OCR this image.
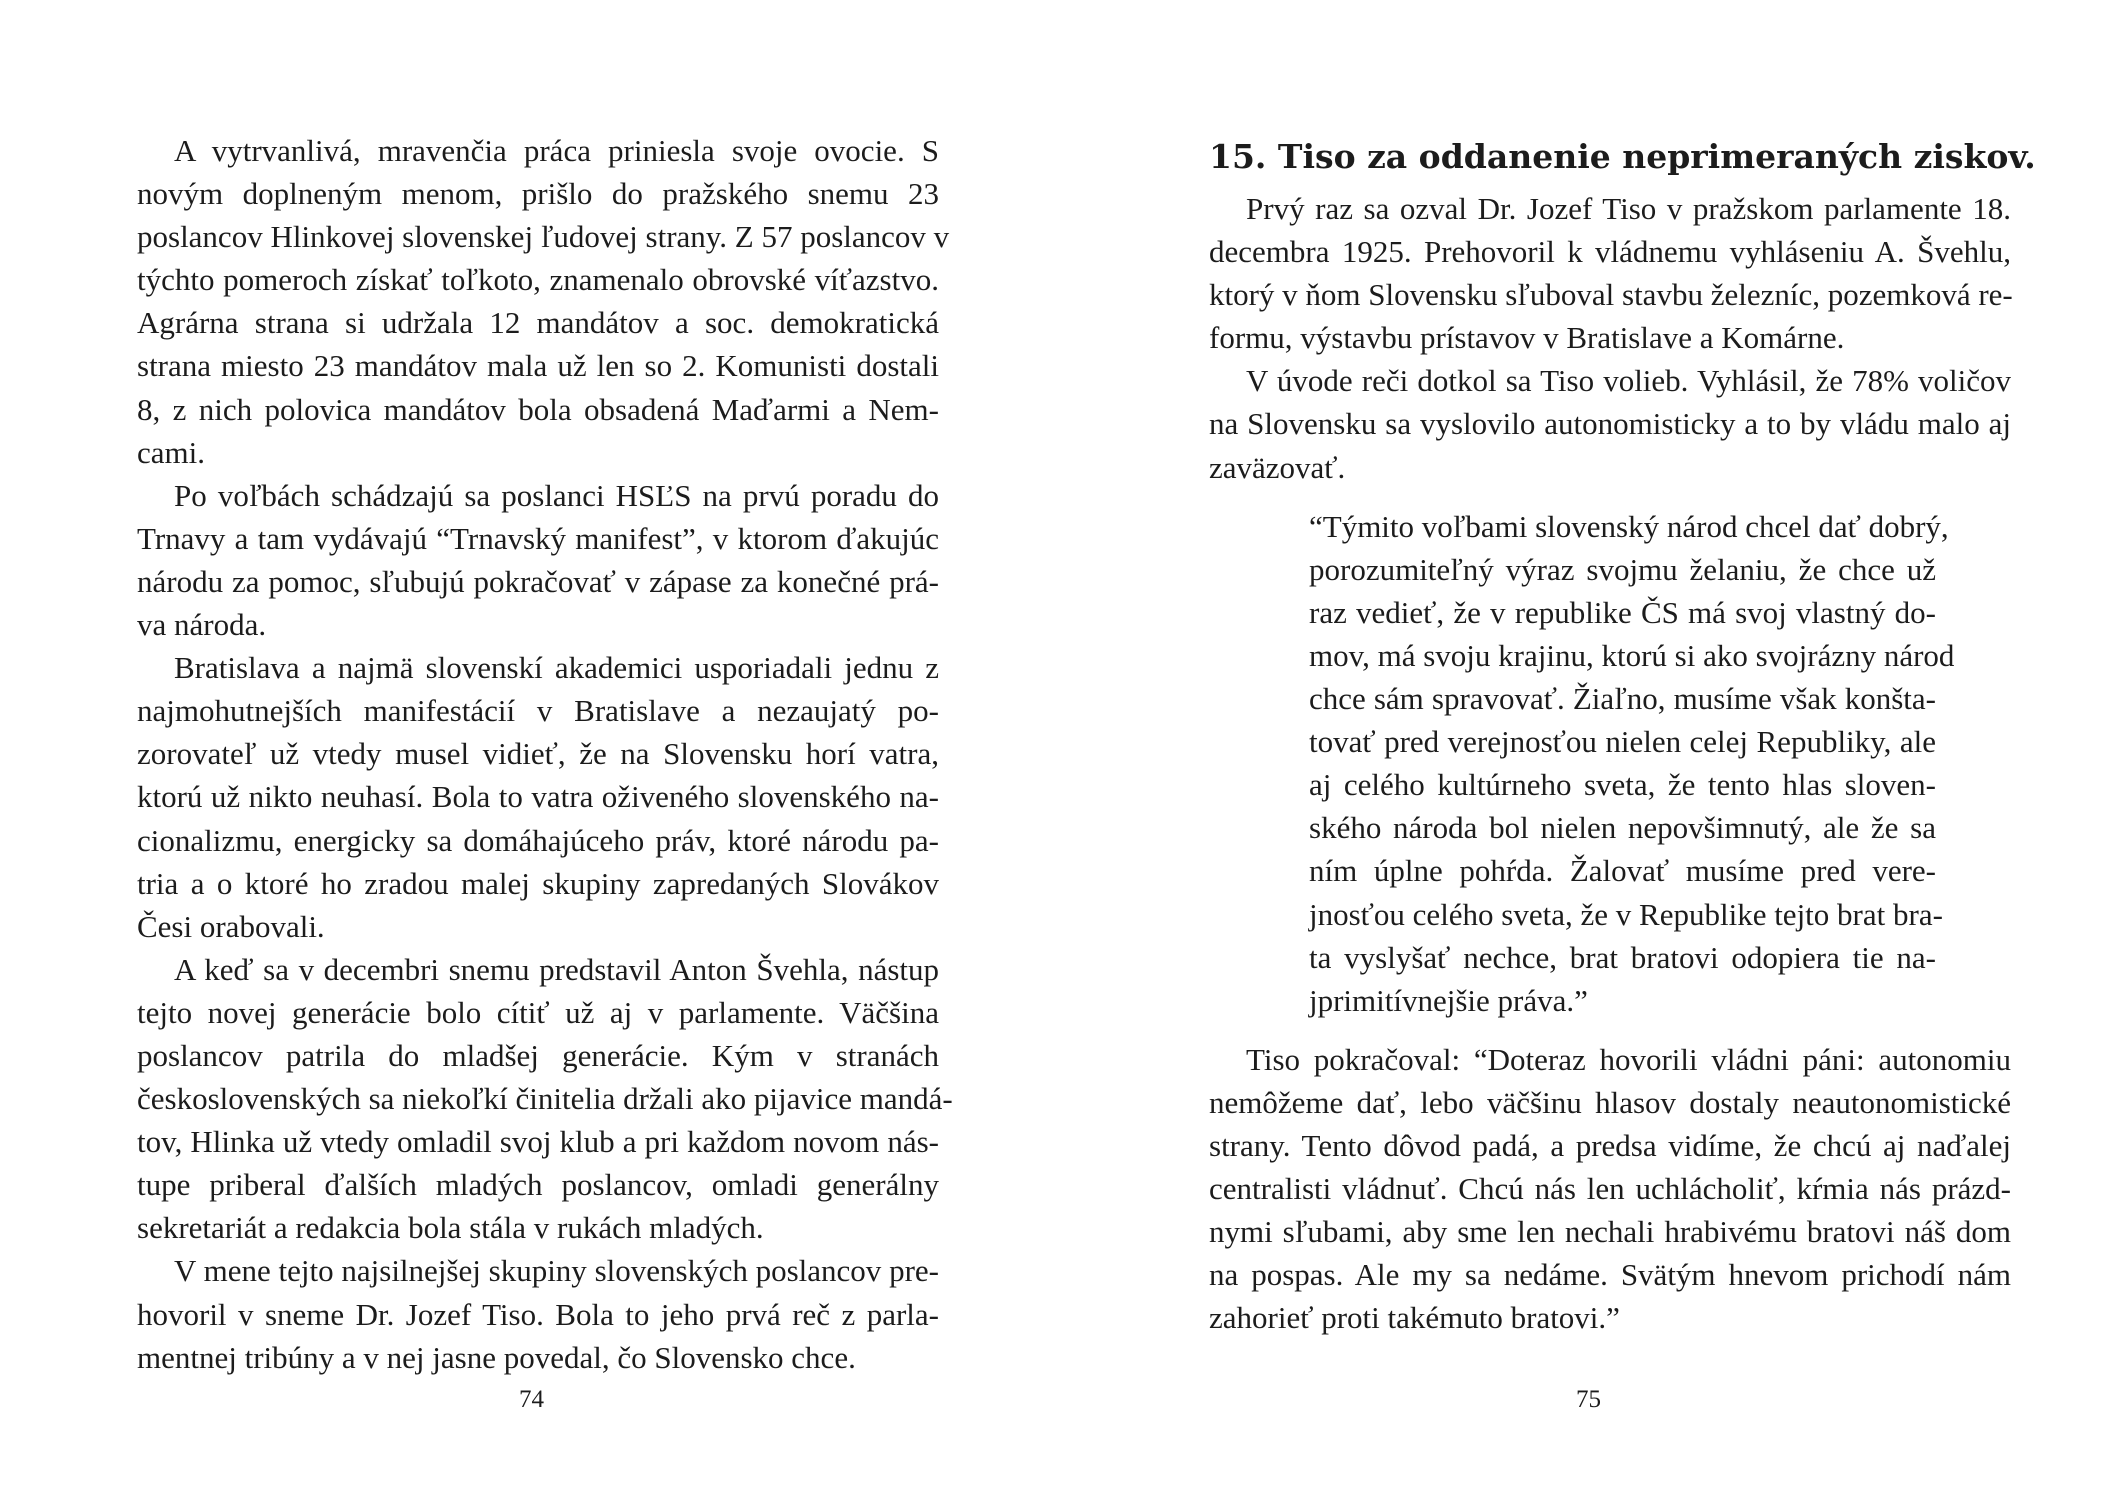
A vytrvanlivá, mravenčia práca priniesla svoje ovocie. S
novým doplneným menom, prišlo do pražského snemu 23
poslancov Hlinkovej slovenskej ľudovej strany. Z 57 poslancov v
týchto pomeroch získať toľkoto, znamenalo obrovské víťazstvo.
Agrárna strana si udržala 12 mandátov a soc. demokratická
strana miesto 23 mandátov mala už len so 2. Komunisti dostali
8, z nich polovica mandátov bola obsadená Maďarmi a Nem-
cami.

Po voľbách schádzajú sa poslanci HSĽS na prvú poradu do
Trnavy a tam vydávajú “Trnavský manifest”, v ktorom ďakujúc
národu za pomoc, sľubujú pokračovať v zápase za konečné prá-
va národa.

Bratislava a najmä slovenskí akademici usporiadali jednu z
najmohutnejších manifestácií v Bratislave a nezaujatý po-
zorovateľ už vtedy musel vidieť, že na Slovensku horí vatra,
ktorú už nikto neuhasí. Bola to vatra oživeného slovenského na-
cionalizmu, energicky sa domáhajúceho práv, ktoré národu pa-
tria a o ktoré ho zradou malej skupiny zapredaných Slovákov
Česi orabovali.

A keď sa v decembri snemu predstavil Anton Švehla, nástup
tejto novej generácie bolo cítiť už aj v parlamente. Väčšina
poslancov patrila do mladšej generácie. Kým v stranách
československých sa niekoľkí činitelia držali ako pijavice mandá-
tov, Hlinka už vtedy omladil svoj klub a pri každom novom nás-
tupe priberal ďalších mladých poslancov, omladi generálny
sekretariát a redakcia bola stála v rukách mladých.

V mene tejto najsilnejšej skupiny slovenských poslancov pre-
hovoril v sneme Dr. Jozef Tiso. Bola to jeho prvá reč z parla-
mentnej tribúny a v nej jasne povedal, čo Slovensko chce.

74
15. Tiso za oddanenie neprimeraných ziskov.

Prvý raz sa ozval Dr. Jozef Tiso v pražskom parlamente 18.
decembra 1925. Prehovoril k vládnemu vyhláseniu A. Švehlu,
ktorý v ňom Slovensku sľuboval stavbu železníc, pozemková re-
formu, výstavbu prístavov v Bratislave a Komárne.

V úvode reči dotkol sa Tiso volieb. Vyhlásil, že 78% voličov
na Slovensku sa vyslovilo autonomisticky a to by vládu malo aj
zaväzovať.

“Týmito voľbami slovenský národ chcel dať dobrý,
porozumiteľný výraz svojmu želaniu, že chce už
raz vedieť, že v republike ČS má svoj vlastný do-
mov, má svoju krajinu, ktorú si ako svojrázny národ
chce sám spravovať. Žiaľno, musíme však konšta-
tovať pred verejnosťou nielen celej Republiky, ale
aj celého kultúrneho sveta, že tento hlas sloven-
ského národa bol nielen nepovšimnutý, ale že sa
ním úplne pohŕda. Žalovať musíme pred vere-
jnosťou celého sveta, že v Republike tejto brat bra-
ta vyslyšať nechce, brat bratovi odopiera tie na-
jprimitívnejšie práva.”

Tiso pokračoval: “Doteraz hovorili vládni páni: autonomiu
nemôžeme dať, lebo väčšinu hlasov dostaly neautonomistické
strany. Tento dôvod padá, a predsa vidíme, že chcú aj naďalej
centralisti vládnuť. Chcú nás len uchlácholiť, kŕmia nás prázd-
nymi sľubami, aby sme len nechali hrabivému bratovi náš dom
na pospas. Ale my sa nedáme. Svätým hnevom prichodí nám
zahorieť proti takémuto bratovi.”

75
